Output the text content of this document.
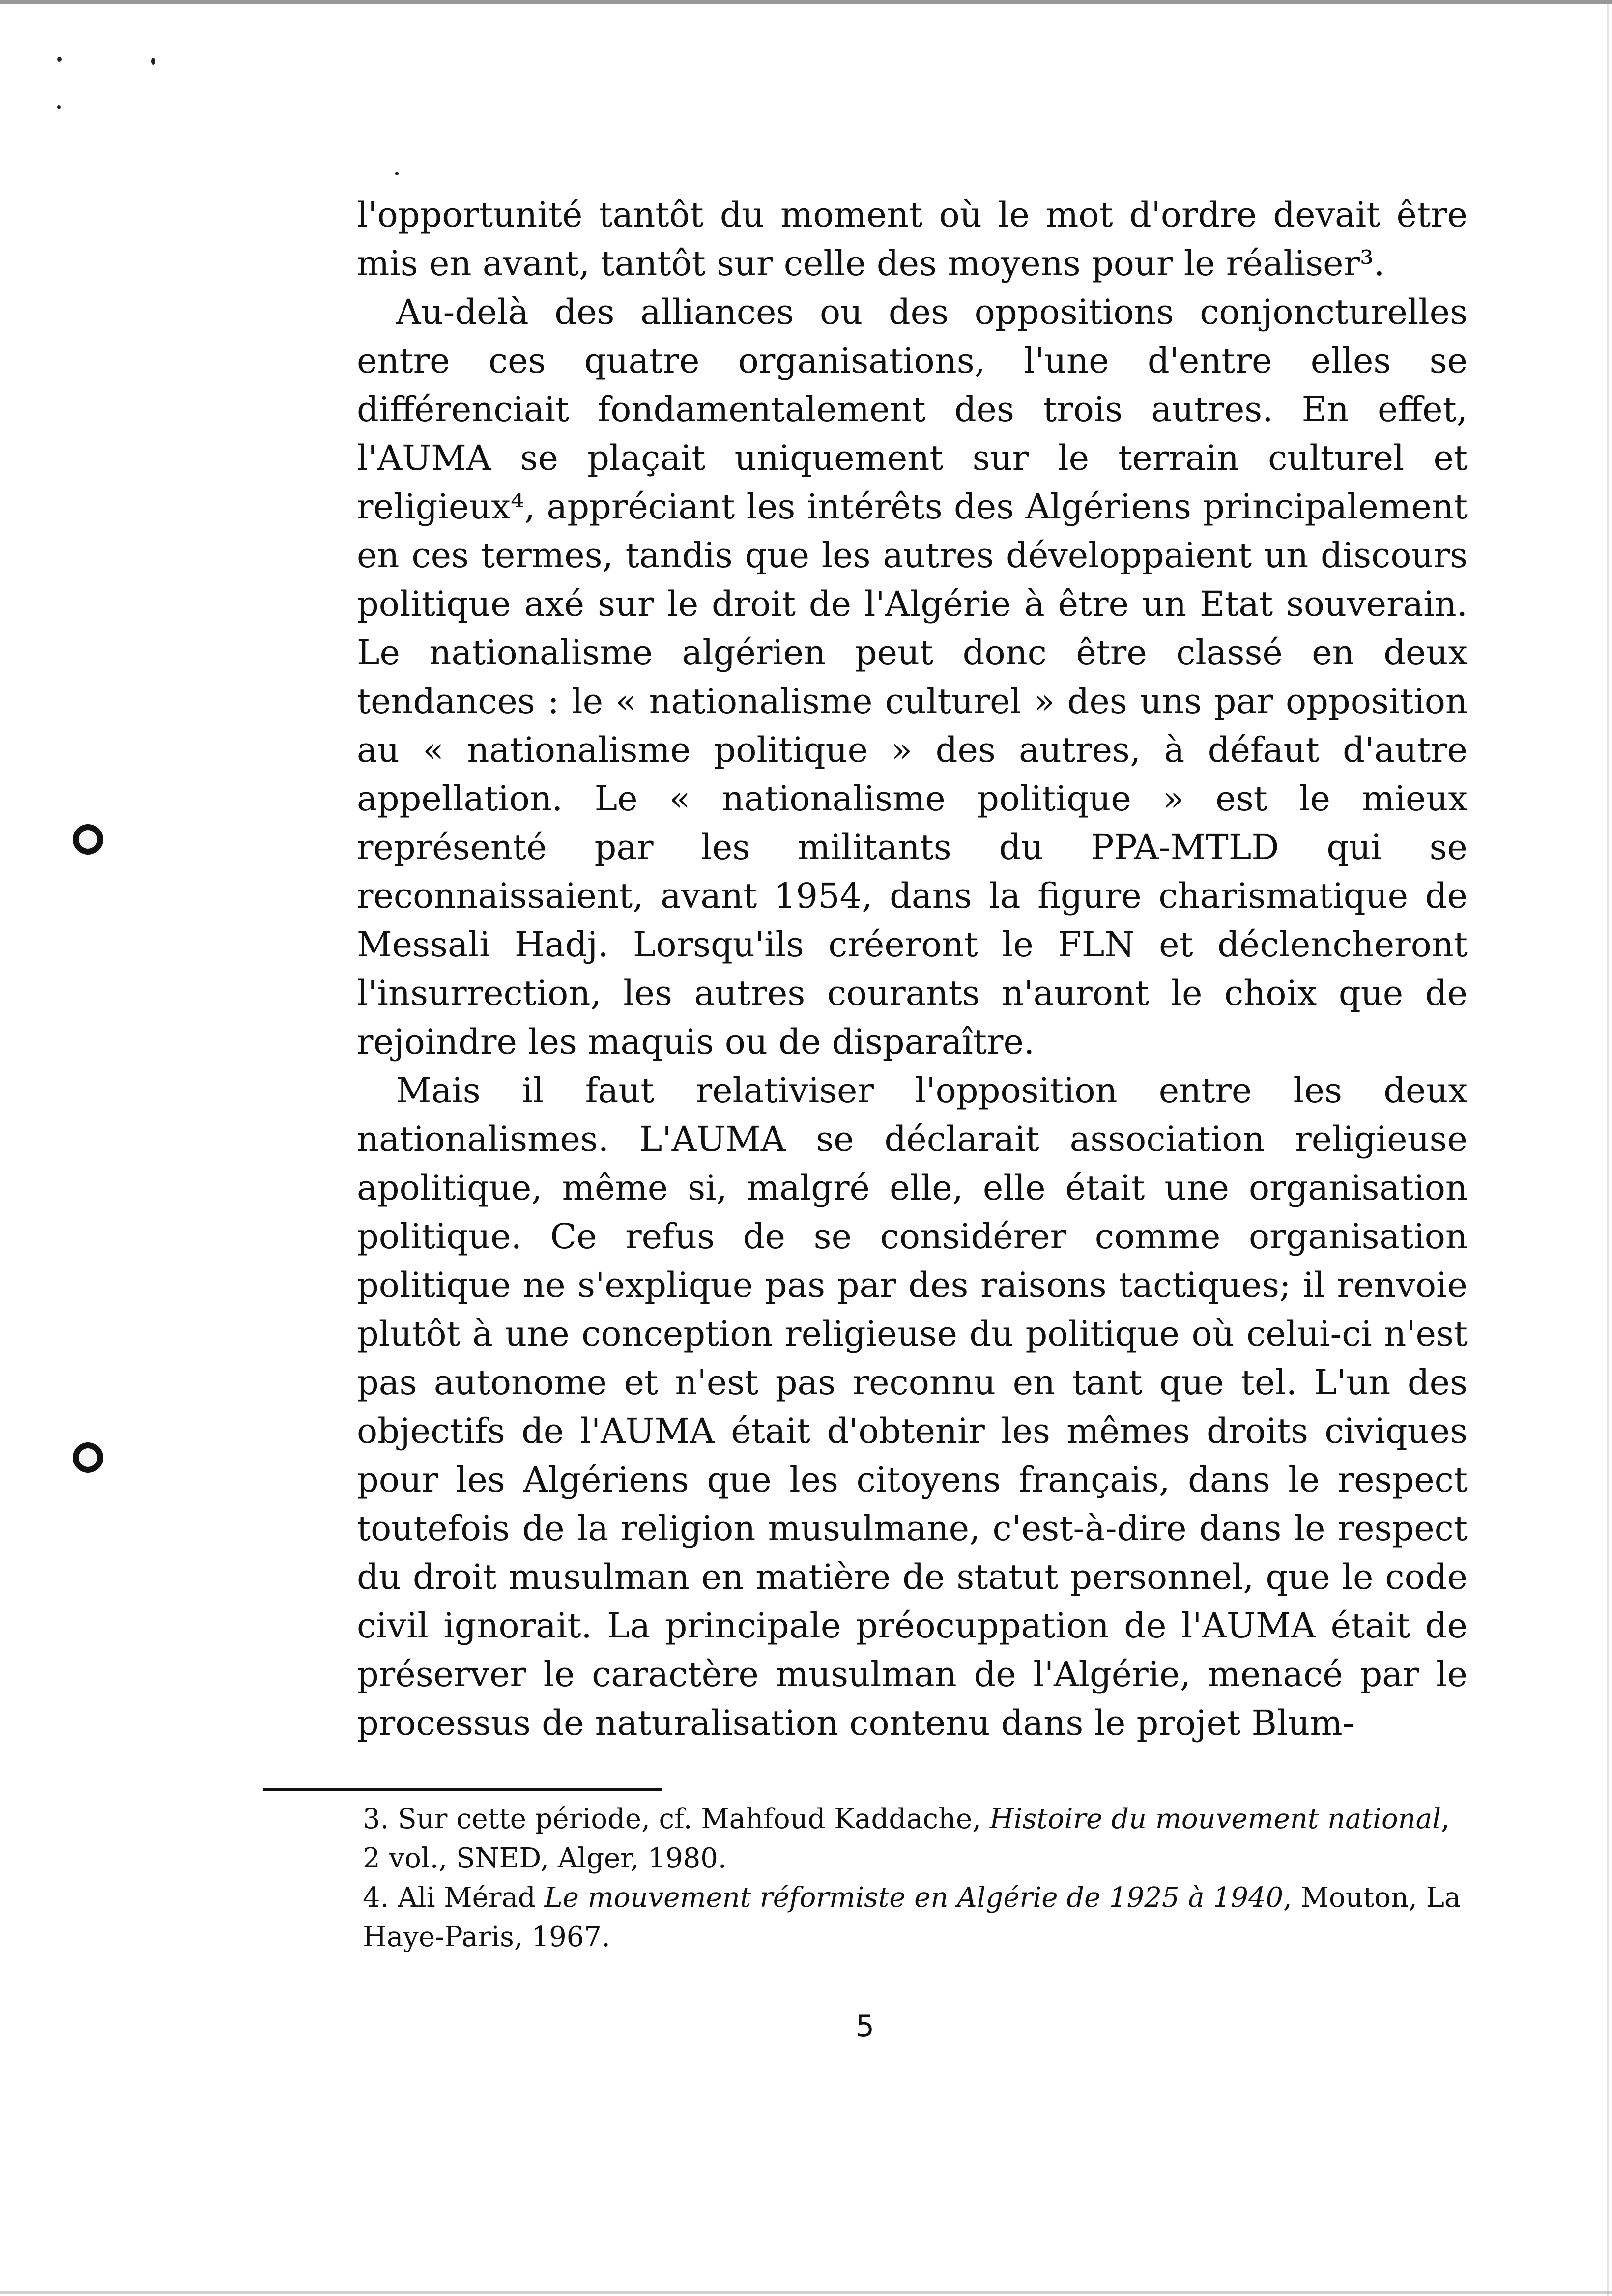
l'opportunité tantôt du moment où le mot d'ordre devait être mis en avant, tantôt sur celle des moyens pour le réaliser³.

Au-delà des alliances ou des oppositions conjoncturelles entre ces quatre organisations, l'une d'entre elles se différenciait fondamentalement des trois autres. En effet, l'AUMA se plaçait uniquement sur le terrain culturel et religieux⁴, appréciant les intérêts des Algériens principalement en ces termes, tandis que les autres développaient un discours politique axé sur le droit de l'Algérie à être un Etat souverain. Le nationalisme algérien peut donc être classé en deux tendances : le « nationalisme culturel » des uns par opposition au « nationalisme politique » des autres, à défaut d'autre appellation. Le « nationalisme politique » est le mieux représenté par les militants du PPA-MTLD qui se reconnaissaient, avant 1954, dans la figure charismatique de Messali Hadj. Lorsqu'ils créeront le FLN et déclencheront l'insurrection, les autres courants n'auront le choix que de rejoindre les maquis ou de disparaître.

Mais il faut relativiser l'opposition entre les deux nationalismes. L'AUMA se déclarait association religieuse apolitique, même si, malgré elle, elle était une organisation politique. Ce refus de se considérer comme organisation politique ne s'explique pas par des raisons tactiques; il renvoie plutôt à une conception religieuse du politique où celui-ci n'est pas autonome et n'est pas reconnu en tant que tel. L'un des objectifs de l'AUMA était d'obtenir les mêmes droits civiques pour les Algériens que les citoyens français, dans le respect toutefois de la religion musulmane, c'est-à-dire dans le respect du droit musulman en matière de statut personnel, que le code civil ignorait. La principale préocuppation de l'AUMA était de préserver le caractère musulman de l'Algérie, menacé par le processus de naturalisation contenu dans le projet Blum-

3. Sur cette période, cf. Mahfoud Kaddache, Histoire du mouvement national, 2 vol., SNED, Alger, 1980.

4. Ali Mérad Le mouvement réformiste en Algérie de 1925 à 1940, Mouton, La Haye-Paris, 1967.

5
